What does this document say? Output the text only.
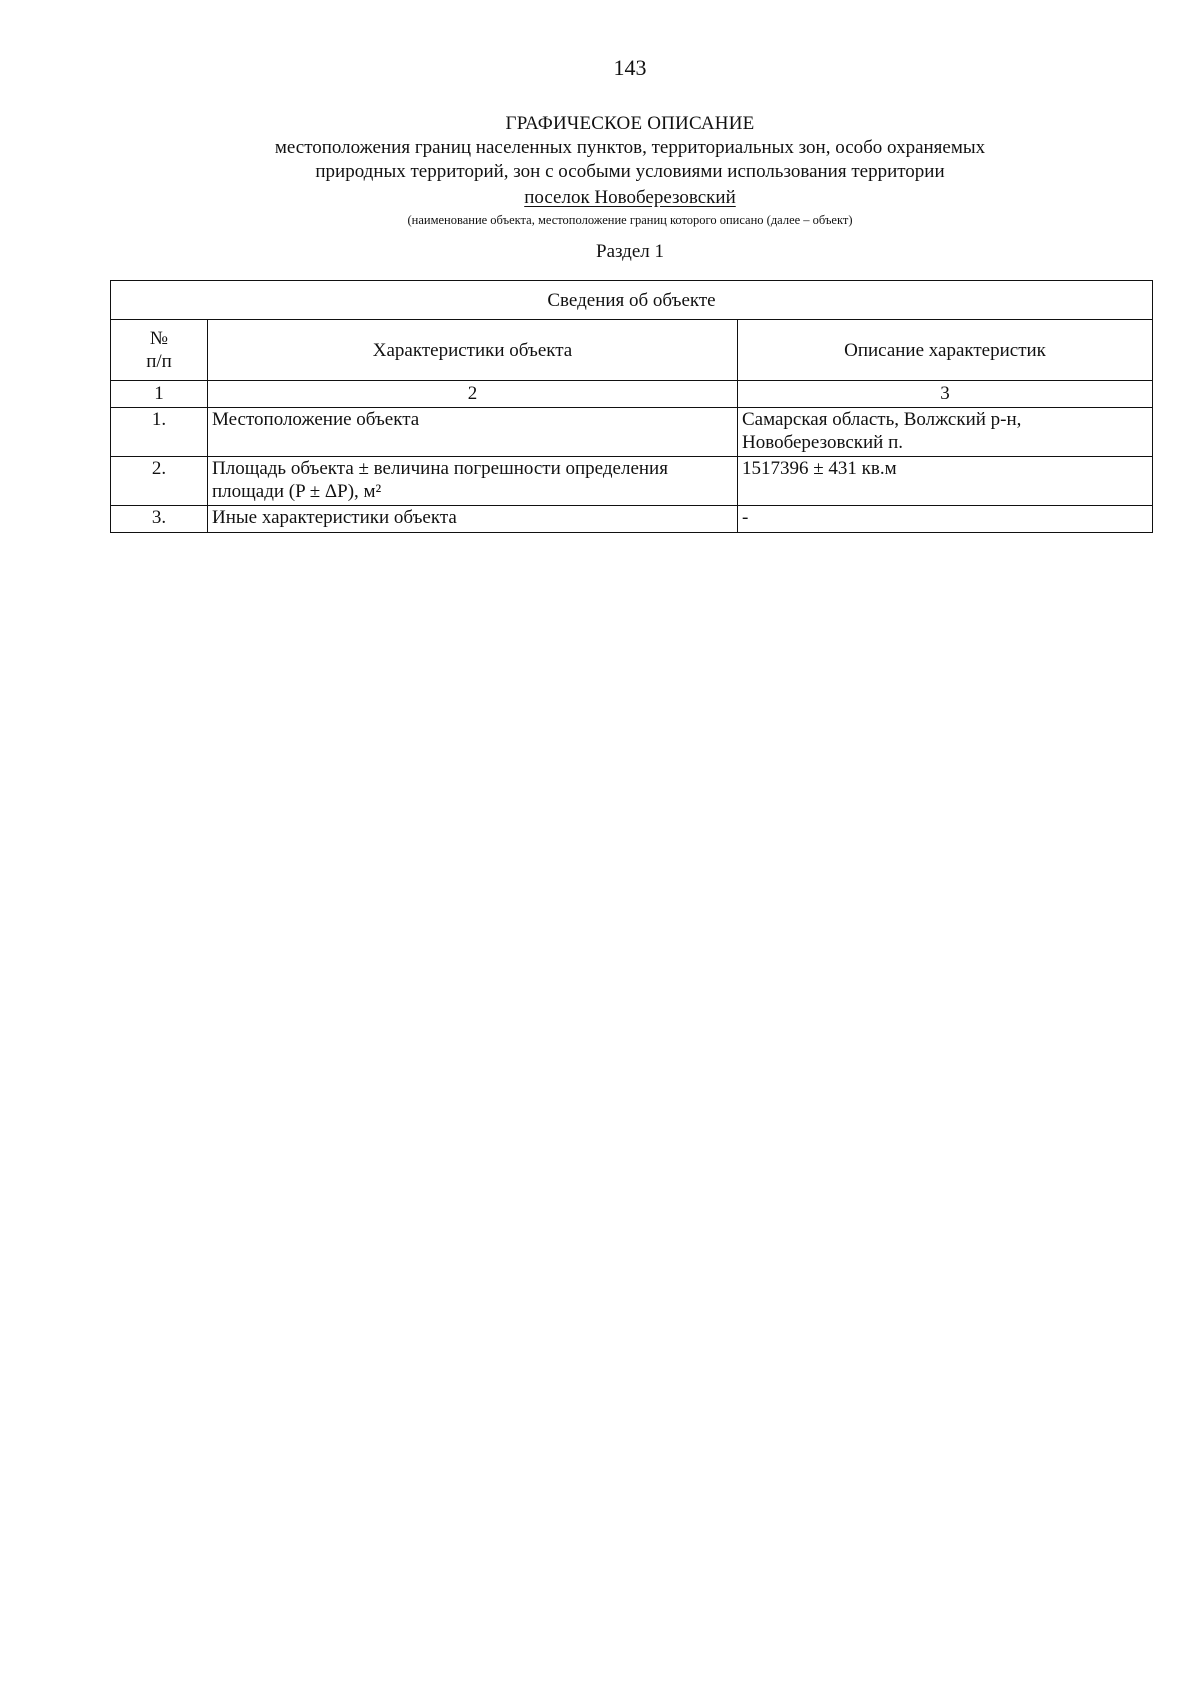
143
ГРАФИЧЕСКОЕ ОПИСАНИЕ
местоположения границ населенных пунктов, территориальных зон, особо охраняемых
природных территорий, зон с особыми условиями использования территории
поселок Новоберезовский
(наименование объекта, местоположение границ которого описано (далее – объект)
Раздел 1
Сведения об объекте		

№
п/п	Характеристики объекта	Описание характеристик
1	2	3
1.	Местоположение объекта	Самарская область, Волжский р-н,
Новоберезовский п.

2.	Площадь объекта ± величина погрешности определения
площади (P ± ΔP), м²	1517396 ± 431 кв.м
3.	Иные характеристики объекта	-
